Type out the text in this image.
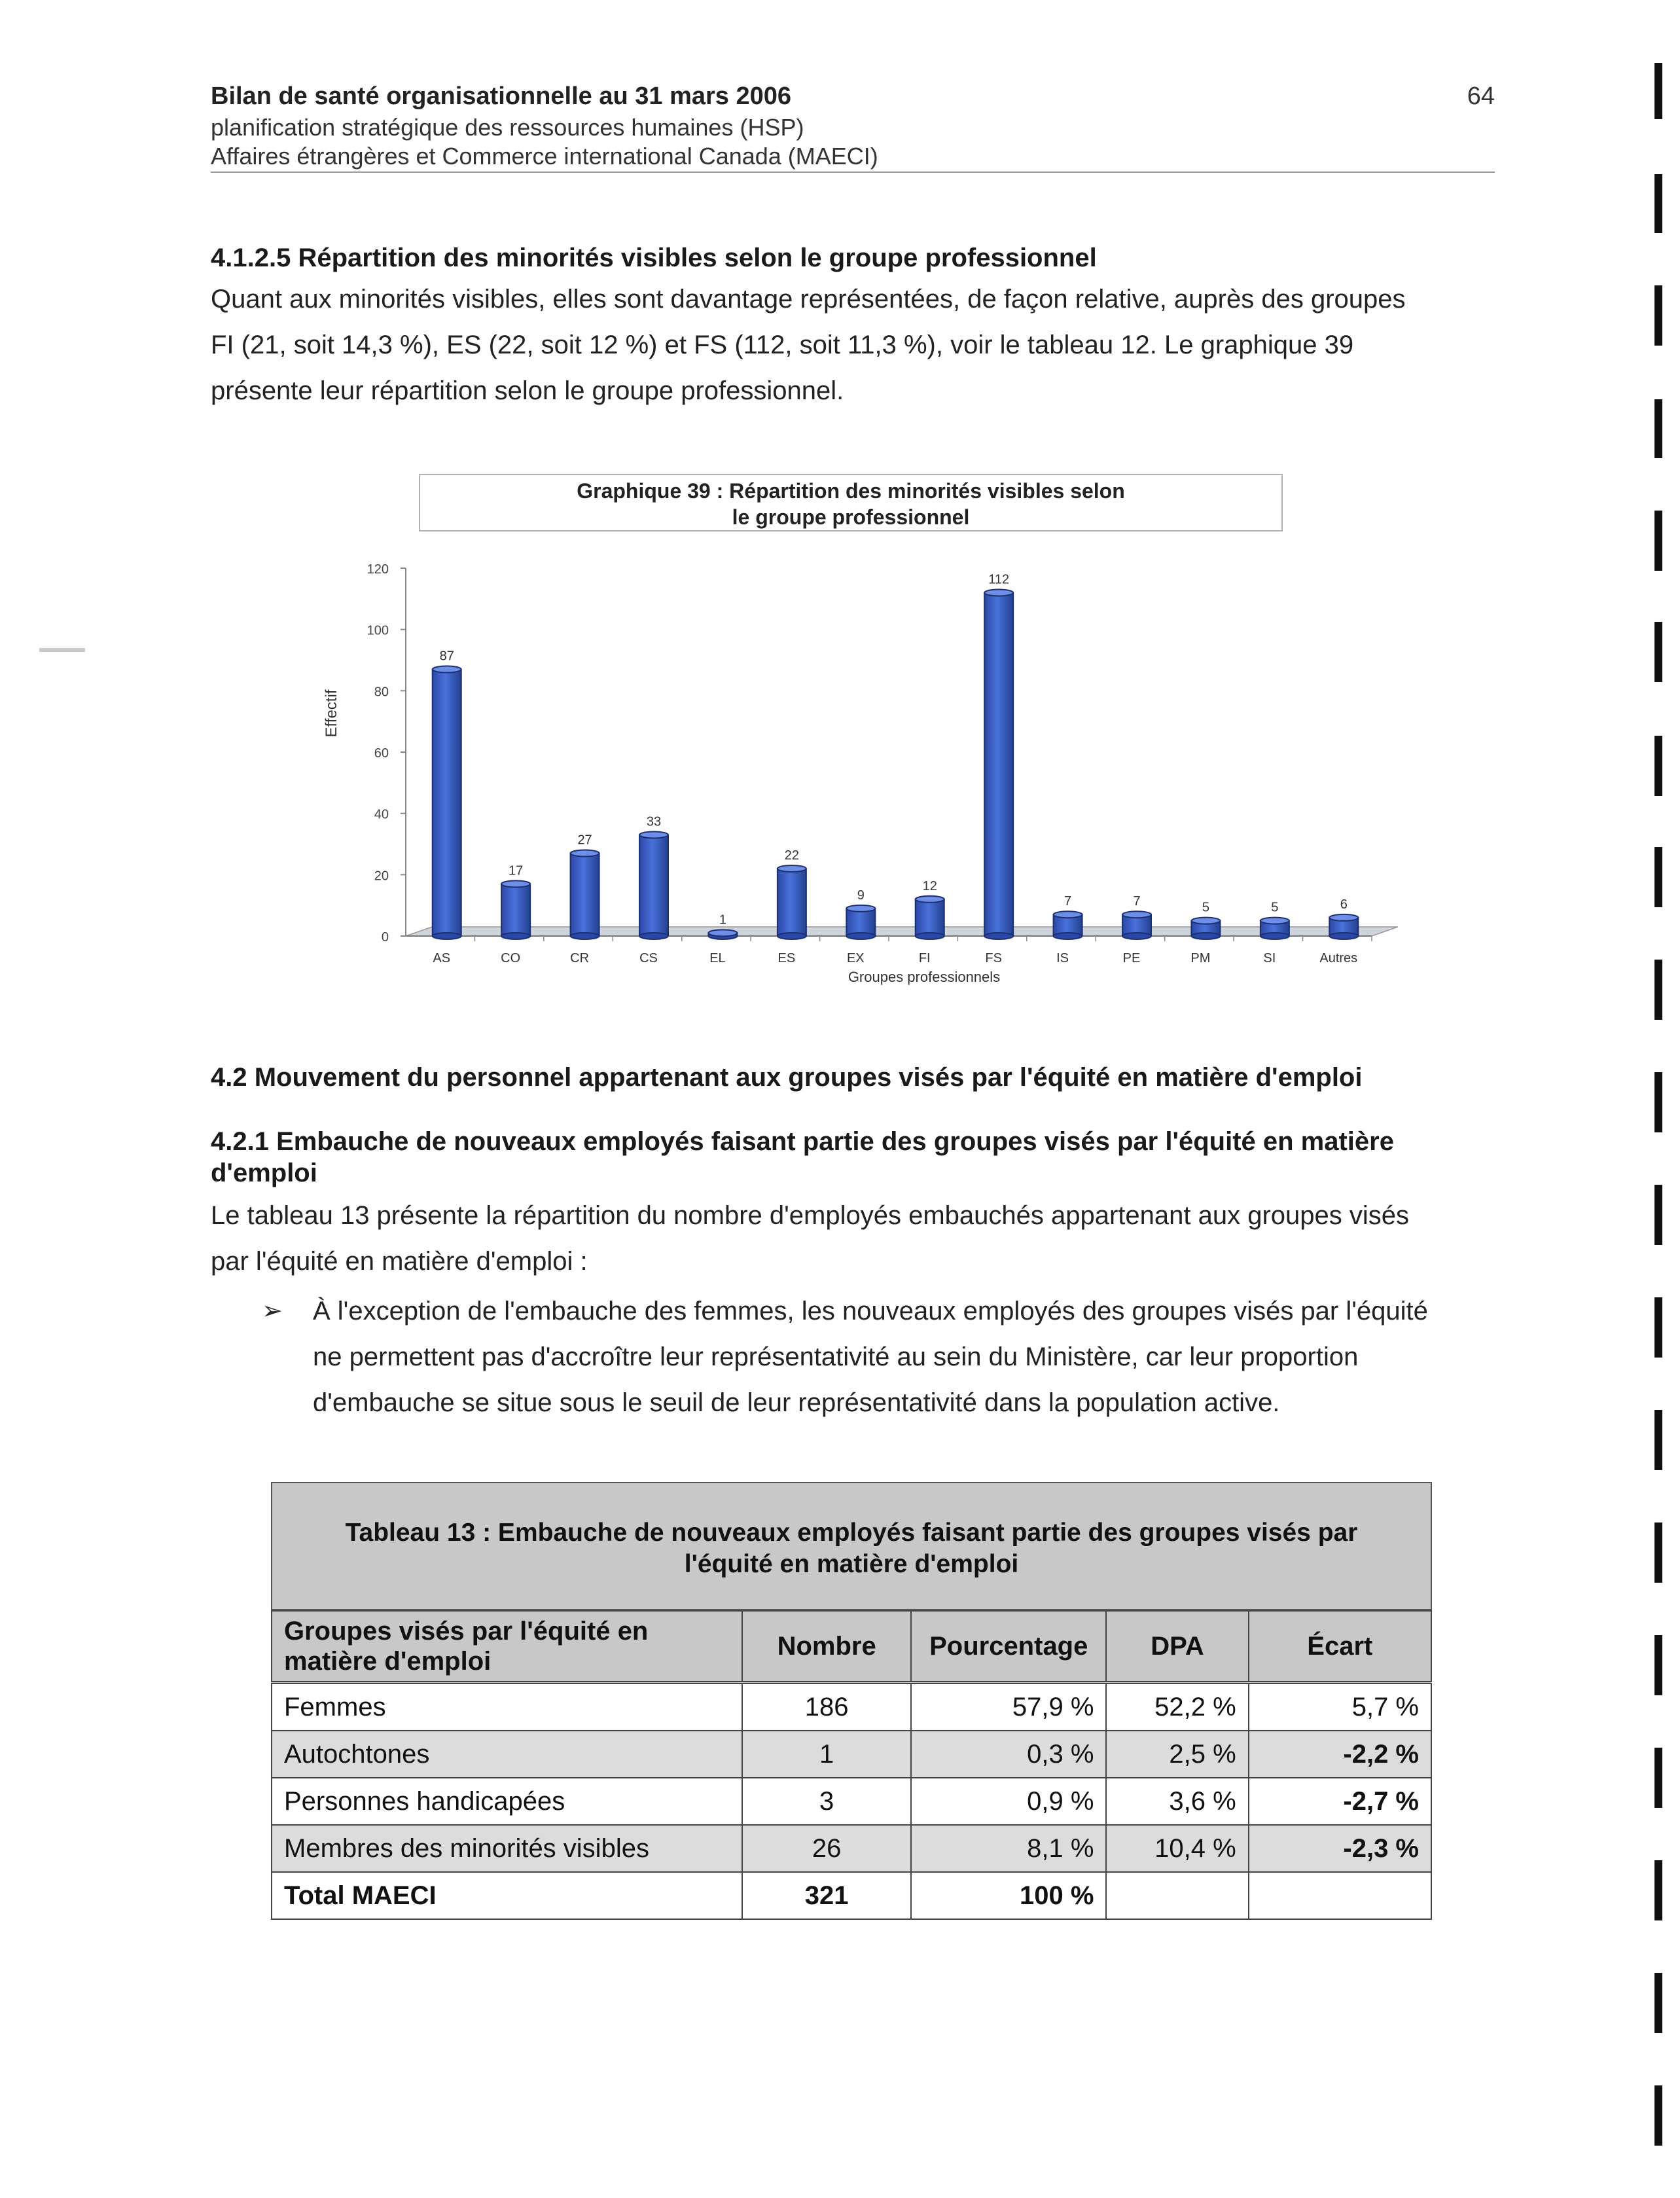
Bilan de santé organisationnelle au 31 mars 2006
planification stratégique des ressources humaines (HSP)
Affaires étrangères et Commerce international Canada (MAECI)
64
4.1.2.5 Répartition des minorités visibles selon le groupe professionnel
Quant aux minorités visibles, elles sont davantage représentées, de façon relative, auprès des groupes
FI (21, soit 14,3 %), ES (22, soit 12 %) et FS (112, soit 11,3 %), voir le tableau 12. Le graphique 39
présente leur répartition selon le groupe professionnel.
Graphique 39 : Répartition des minorités visibles selon
le groupe professionnel
0
20
40
60
80
100
120
AS
87
CO
17
CR
27
CS
33
EL
1
ES
22
EX
9
FI
12
FS
112
IS
7
PE
7
PM
5
SI
5
Autres
6
Effectif
Groupes professionnels
4.2 Mouvement du personnel appartenant aux groupes visés par l'équité en matière d'emploi
4.2.1 Embauche de nouveaux employés faisant partie des groupes visés par l'équité en matière
d'emploi
Le tableau 13 présente la répartition du nombre d'employés embauchés appartenant aux groupes visés
par l'équité en matière d'emploi :
➢ À l'exception de l'embauche des femmes, les nouveaux employés des groupes visés par l'équité
ne permettent pas d'accroître leur représentativité au sein du Ministère, car leur proportion
d'embauche se situe sous le seuil de leur représentativité dans la population active.
Tableau 13 : Embauche de nouveaux employés faisant partie des groupes visés par
l'équité en matière d'emploi
Groupes visés par l'équité en
matière d'emploi	Nombre	Pourcentage	DPA	Écart
Femmes	186	57,9 %	52,2 %	5,7 %
Autochtones	1	0,3 %	2,5 %	-2,2 %
Personnes handicapées	3	0,9 %	3,6 %	-2,7 %
Membres des minorités visibles	26	8,1 %	10,4 %	-2,3 %
Total MAECI	321	100 %		
